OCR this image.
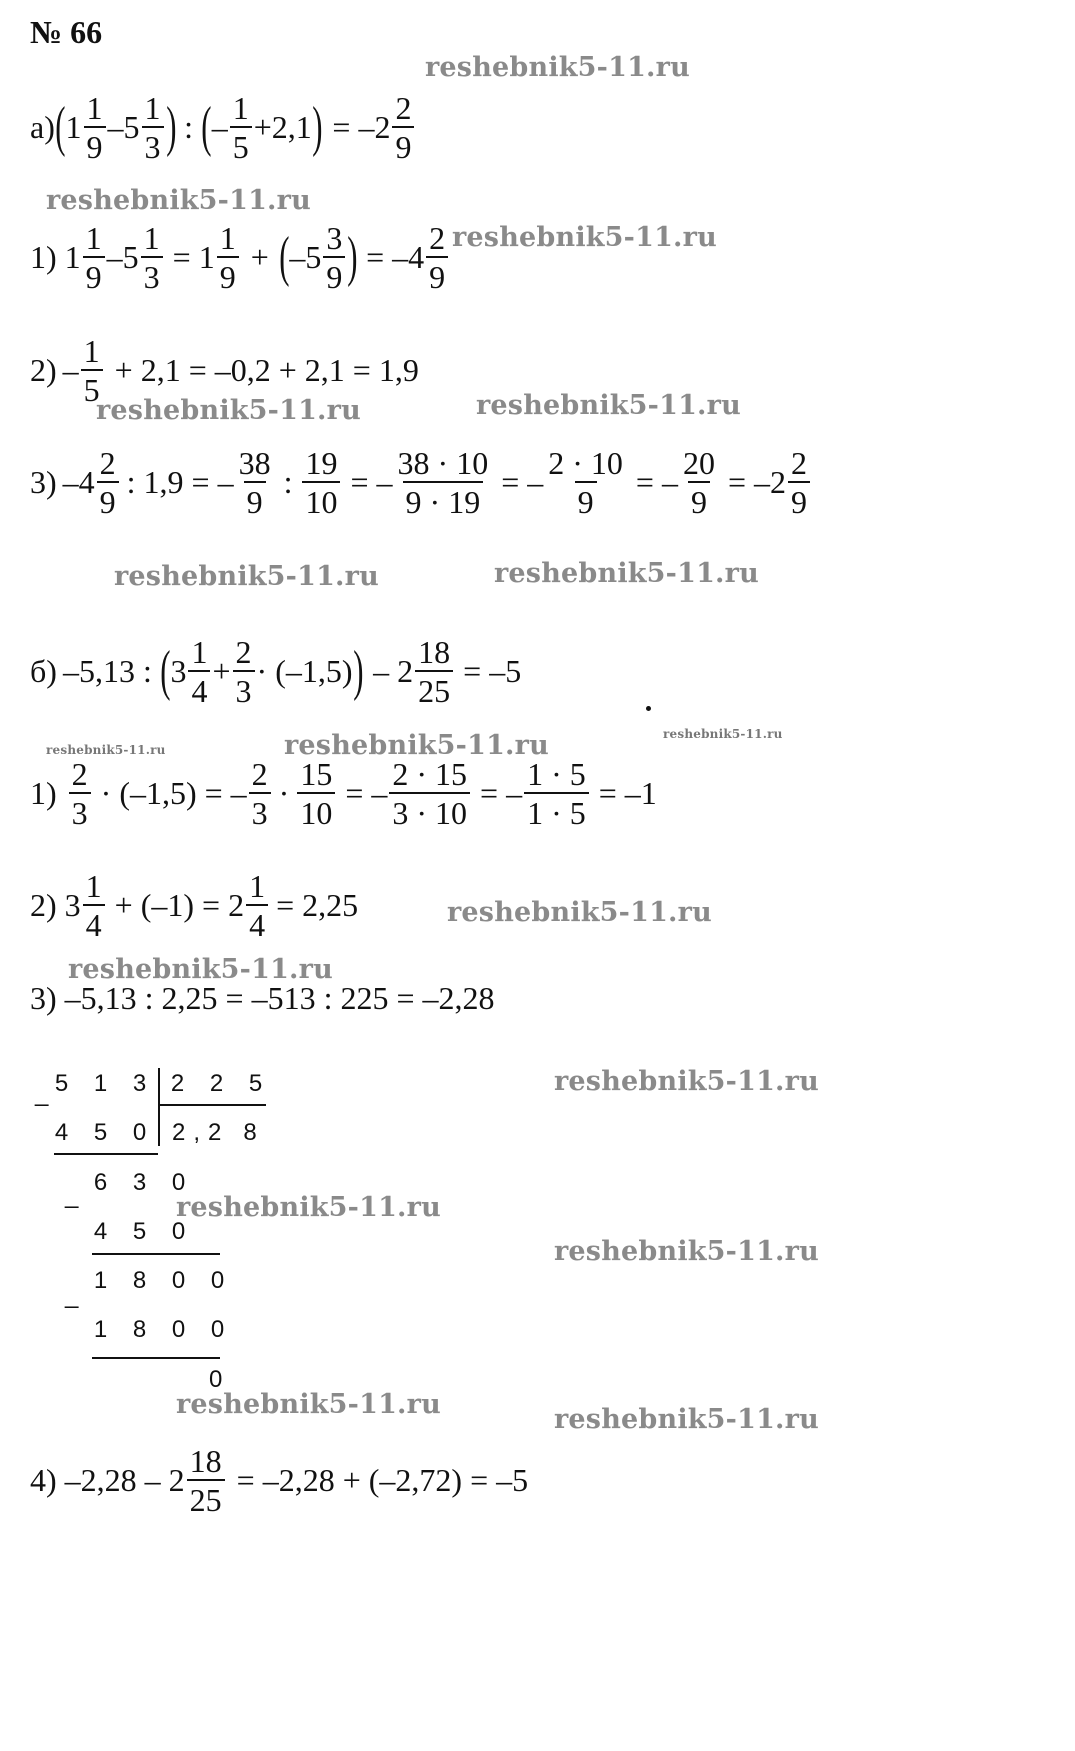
№ 66
reshebnik5-11.ru
reshebnik5-11.ru
reshebnik5-11.ru
reshebnik5-11.ru	reshebnik5-11.ru
reshebnik5-11.ru	reshebnik5-11.ru
reshebnik5-11.ru	reshebnik5-11.ru	reshebnik5-11.ru
reshebnik5-11.ru
reshebnik5-11.ru
reshebnik5-11.ru
reshebnik5-11.ru
reshebnik5-11.ru
reshebnik5-11.ru	reshebnik5-11.ru
а) ( $1 \frac{1}{9} - 5 \frac{1}{3}$ ) : ( – $\frac{1}{5} +2,1$ ) = $-2 \frac{2}{9}$
1) $1 \frac{1}{9} - 5 \frac{1}{3} = 1 \frac{1}{9}$ + ( $-5 \frac{3}{9}$ ) = $-4 \frac{2}{9}$
$2) - \frac{1}{5} + 2,1 = -0,2 + 2,1 = 1,9$
3) $-4 \frac{2}{9}$ : 1,9 = – $\frac{38}{9}$ : $\frac{19}{10}$ = – $\frac{38 \cdot 10}{9 \cdot 19}$ = – $\frac{2 \cdot 10}{9}$ = – $\frac{20}{9} = -2 \frac{2}{9}$
б) –5,13 : ( $3 \frac{1}{4} + \frac{2}{3} \cdot (-1,5)$ ) – $2 \frac{18}{25} = -5$
$1) \frac{2}{3} \cdot (-1,5)$ = – $\frac{2}{3} \cdot \frac{15}{10}$ = – $\frac{2 \cdot 15}{3 \cdot 10}$ = – $\frac{1 \cdot 5}{1 \cdot 5} = -1$
2) $3 \frac{1}{4} + (-1) = 2 \frac{1}{4} = 2,25$
3) –5,13 : 2,25 = –513 : 225 = –2,28
_ 5	1	3	2	2	5
4	5	0	2,2 8
_ 6	3	0
4	5	0
_
1	8	0	0
1	8	0	0
0
4) $-2,28 - 2 \frac{18}{25} = -2,28 + (-2,72) = -5$
